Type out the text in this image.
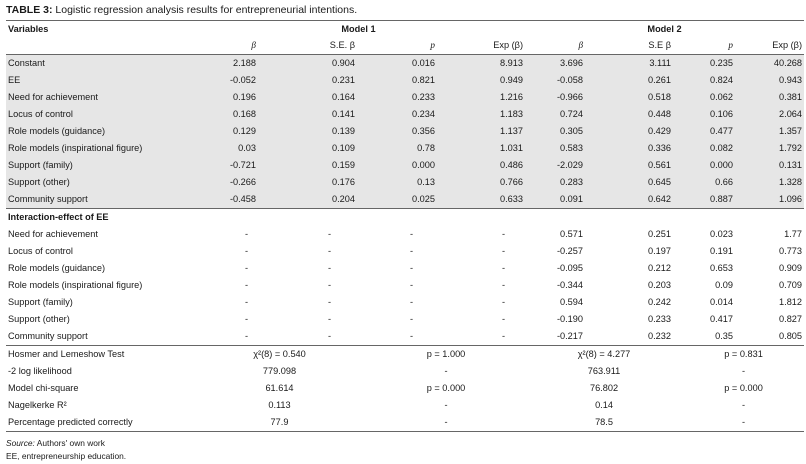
TABLE 3: Logistic regression analysis results for entrepreneurial intentions.
Variables	Model 1				Model 2			
	β	S.E. β	p	Exp (β)	β	S.E β	p	Exp (β)
Constant	2.188	0.904	0.016	8.913	3.696	3.111	0.235	40.268
EE	-0.052	0.231	0.821	0.949	-0.058	0.261	0.824	0.943
Need for achievement	0.196	0.164	0.233	1.216	-0.966	0.518	0.062	0.381
Locus of control	0.168	0.141	0.234	1.183	0.724	0.448	0.106	2.064
Role models (guidance)	0.129	0.139	0.356	1.137	0.305	0.429	0.477	1.357
Role models (inspirational figure)	0.03	0.109	0.78	1.031	0.583	0.336	0.082	1.792
Support (family)	-0.721	0.159	0.000	0.486	-2.029	0.561	0.000	0.131
Support (other)	-0.266	0.176	0.13	0.766	0.283	0.645	0.66	1.328
Community support	-0.458	0.204	0.025	0.633	0.091	0.642	0.887	1.096
Interaction-effect of EE								
Need for achievement	-	-	-	-	0.571	0.251	0.023	1.77
Locus of control	-	-	-	-	-0.257	0.197	0.191	0.773
Role models (guidance)	-	-	-	-	-0.095	0.212	0.653	0.909
Role models (inspirational figure)	-	-	-	-	-0.344	0.203	0.09	0.709
Support (family)	-	-	-	-	0.594	0.242	0.014	1.812
Support (other)	-	-	-	-	-0.190	0.233	0.417	0.827
Community support	-	-	-	-	-0.217	0.232	0.35	0.805
Hosmer and Lemeshow Test	χ²(8) = 0.540		p = 1.000		χ²(8) = 4.277		p = 0.831	
-2 log likelihood	779.098		-		763.911		-	
Model chi-square	61.614		p = 0.000		76.802		p = 0.000	
Nagelkerke R²	0.113		-		0.14		-	
Percentage predicted correctly	77.9		-		78.5		-	
Source: Authors' own work
EE, entrepreneurship education.
